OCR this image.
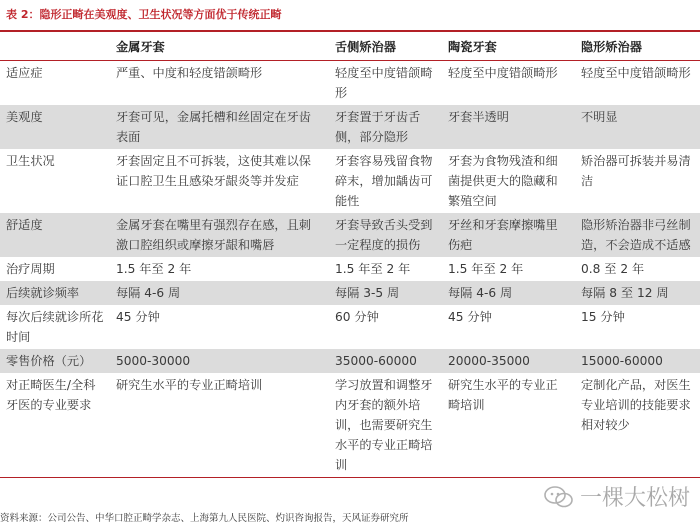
表 2：隐形正畸在美观度、卫生状况等方面优于传统正畸
	金属牙套	舌侧矫治器	陶瓷牙套	隐形矫治器
适应症	严重、中度和轻度错颌畸形	轻度至中度错颌畸形	轻度至中度错颌畸形	轻度至中度错颌畸形
美观度	牙套可见，金属托槽和丝固定在牙齿表面	牙套置于牙齿舌侧，部分隐形	牙套半透明	不明显
卫生状况	牙套固定且不可拆装，这使其难以保证口腔卫生且感染牙龈炎等并发症	牙套容易残留食物碎末，增加龋齿可能性	牙套为食物残渣和细菌提供更大的隐藏和繁殖空间	矫治器可拆装并易清洁
舒适度	金属牙套在嘴里有强烈存在感，且刺激口腔组织或摩擦牙龈和嘴唇	牙套导致舌头受到一定程度的损伤	牙丝和牙套摩擦嘴里伤疤	隐形矫治器非弓丝制造，不会造成不适感
治疗周期	1.5 年至 2 年	1.5 年至 2 年	1.5 年至 2 年	0.8 至 2 年
后续就诊频率	每隔 4-6 周	每隔 3-5 周	每隔 4-6 周	每隔 8 至 12 周
每次后续就诊所花时间	45 分钟	60 分钟	45 分钟	15 分钟
零售价格（元）	5000-30000	35000-60000	20000-35000	15000-60000
对正畸医生/全科牙医的专业要求	研究生水平的专业正畸培训	学习放置和调整牙内牙套的额外培训，也需要研究生水平的专业正畸培训	研究生水平的专业正畸培训	定制化产品，对医生专业培训的技能要求相对较少
一棵大松树
资料来源：公司公告、中华口腔正畸学杂志、上海第九人民医院、灼识咨询报告，天风证券研究所
